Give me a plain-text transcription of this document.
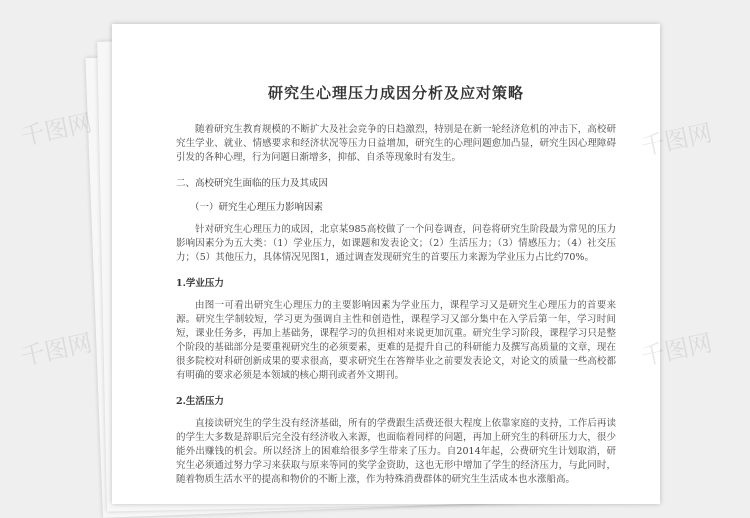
研究生心理压力成因分析及应对策略

随着研究生教育规模的不断扩大及社会竞争的日趋激烈，特别是在新一轮经济危机的冲击下，高校研究生学业、就业、情感要求和经济状况等压力日益增加，研究生的心理问题愈加凸显，研究生因心理障碍引发的各种心理，行为问题日渐增多，抑郁、自杀等现象时有发生。

二、高校研究生面临的压力及其成因

（一）研究生心理压力影响因素

针对研究生心理压力的成因，北京某985高校做了一个问卷调查，问卷将研究生阶段最为常见的压力影响因素分为五大类：（1）学业压力，如课题和发表论文；（2）生活压力；（3）情感压力；（4）社交压力；（5）其他压力，具体情况见图1，通过调查发现研究生的首要压力来源为学业压力占比约70%。

1.学业压力

由图一可看出研究生心理压力的主要影响因素为学业压力，课程学习又是研究生心理压力的首要来源。研究生学制较短，学习更为强调自主性和创造性，课程学习又部分集中在入学后第一年，学习时间短，课业任务多，再加上基础务，课程学习的负担相对来说更加沉重。研究生学习阶段，课程学习只是整个阶段的基础部分是要重视研究生的必须要素，更难的是提升自己的科研能力及撰写高质量的文章，现在很多院校对科研创新成果的要求很高，要求研究生在答辩毕业之前要发表论文，对论文的质量一些高校都有明确的要求必须是本领域的核心期刊或者外文期刊。

2.生活压力

直接读研究生的学生没有经济基础，所有的学费跟生活费还很大程度上依靠家庭的支持，工作后再读的学生大多数是辞职后完全没有经济收入来源，也面临着同样的问题，再加上研究生的科研压力大，很少能外出赚钱的机会。所以经济上的困难给很多学生带来了压力。自2014年起，公费研究生计划取消，研究生必须通过努力学习来获取与原来等同的奖学金资助，这也无形中增加了学生的经济压力，与此同时，随着物质生活水平的提高和物价的不断上涨，作为特殊消费群体的研究生生活成本也水涨船高。

千图网	千图网
千图网	千图网
